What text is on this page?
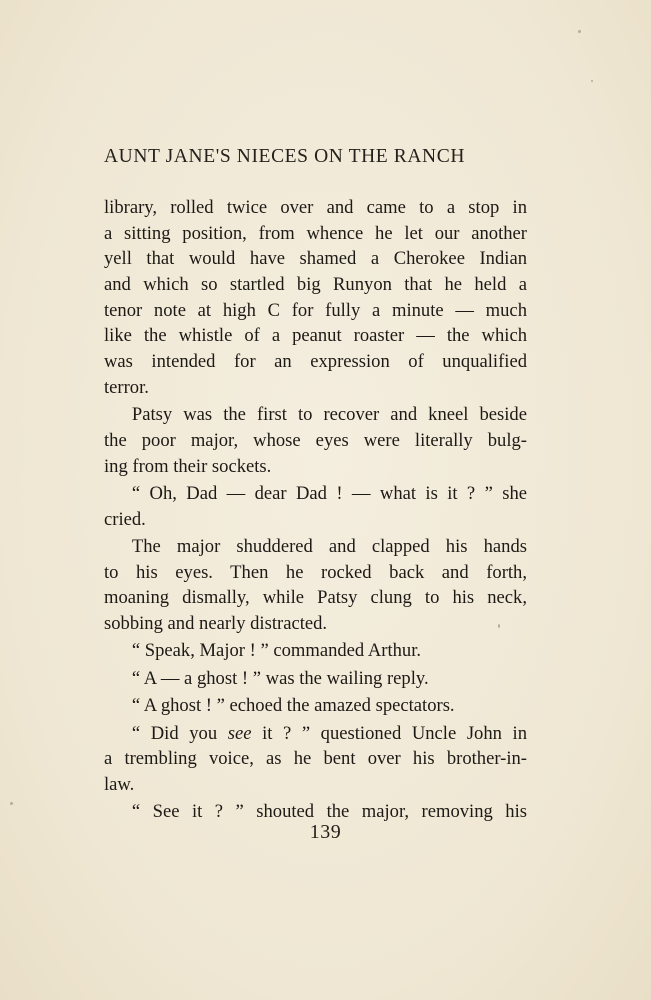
AUNT JANE'S NIECES ON THE RANCH
library, rolled twice over and came to a stop in
a sitting position, from whence he let our another
yell that would have shamed a Cherokee Indian
and which so startled big Runyon that he held a
tenor note at high C for fully a minute — much
like the whistle of a peanut roaster — the which
was intended for an expression of unqualified
terror.
  Patsy was the first to recover and kneel beside
the poor major, whose eyes were literally bulg-
ing from their sockets.
  “ Oh, Dad — dear Dad ! — what is it ? ” she
cried.
  The major shuddered and clapped his hands
to his eyes. Then he rocked back and forth,
moaning dismally, while Patsy clung to his neck,
sobbing and nearly distracted.
  “ Speak, Major ! ” commanded Arthur.
  “ A — a ghost ! ” was the wailing reply.
  “ A ghost ! ” echoed the amazed spectators.
  “ Did you see it ? ” questioned Uncle John in
a trembling voice, as he bent over his brother-in-
law.
  “ See it ? ” shouted the major, removing his
139
